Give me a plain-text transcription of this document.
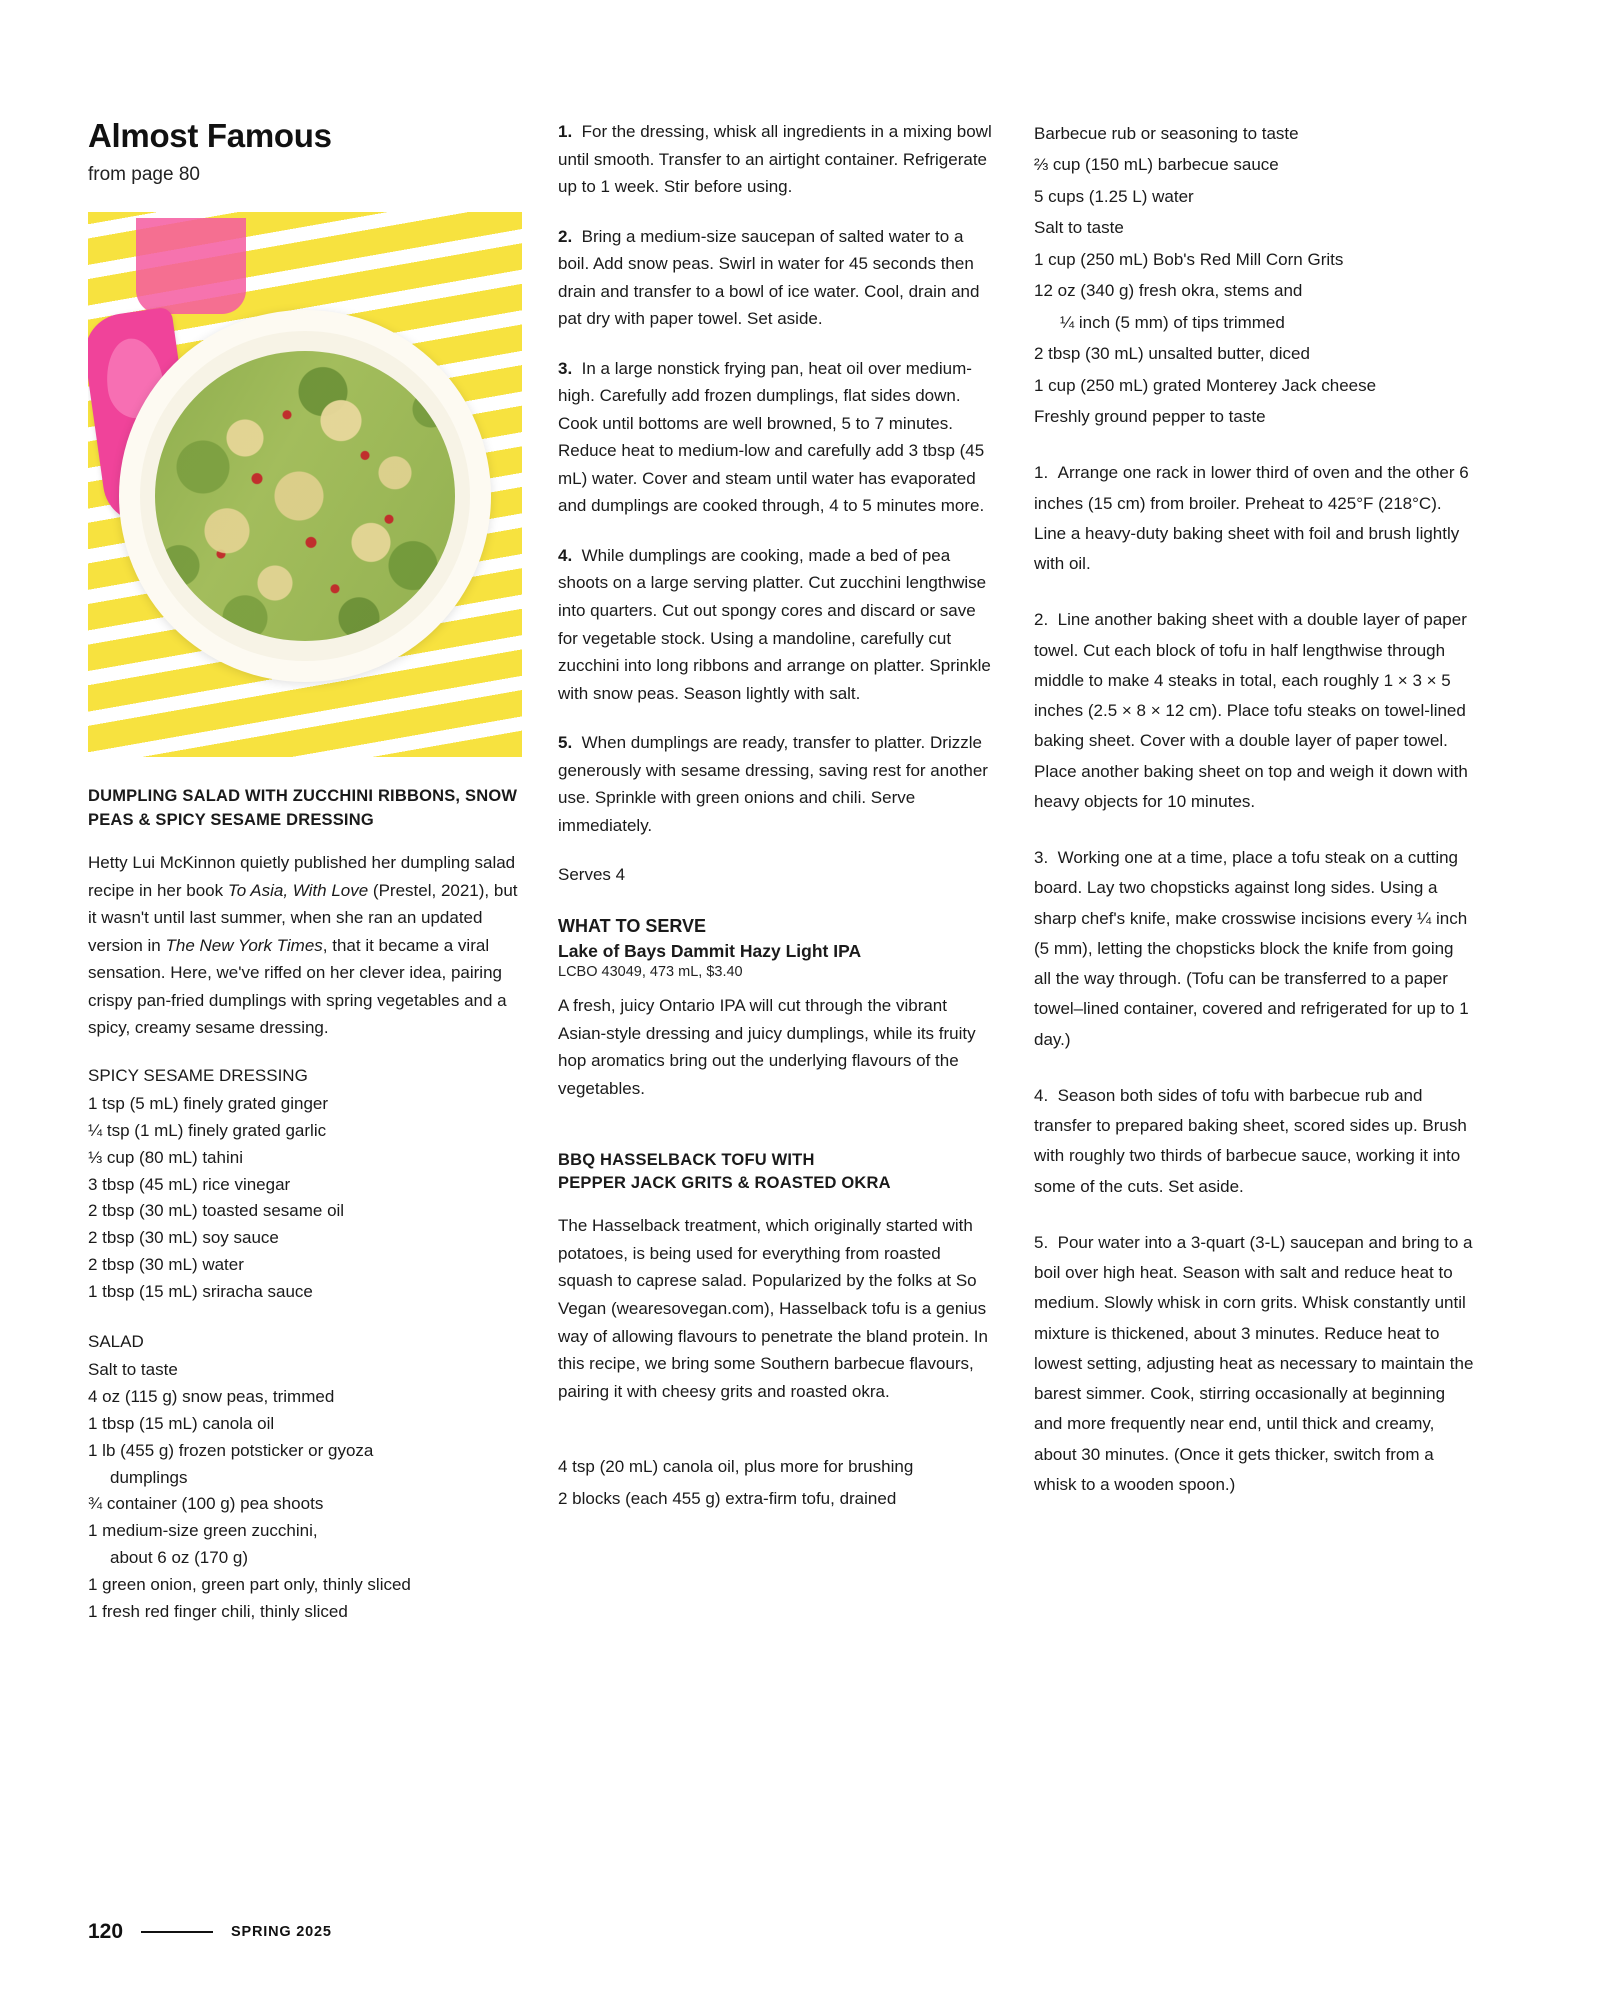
Almost Famous
from page 80
DUMPLING SALAD WITH ZUCCHINI RIBBONS, SNOW PEAS & SPICY SESAME DRESSING

Hetty Lui McKinnon quietly published her dumpling salad recipe in her book To Asia, With Love (Prestel, 2021), but it wasn't until last summer, when she ran an updated version in The New York Times, that it became a viral sensation. Here, we've riffed on her clever idea, pairing crispy pan-fried dumplings with spring vegetables and a spicy, creamy sesame dressing.

SPICY SESAME DRESSING

1 tsp (5 mL) finely grated ginger

¼ tsp (1 mL) finely grated garlic

⅓ cup (80 mL) tahini

3 tbsp (45 mL) rice vinegar

2 tbsp (30 mL) toasted sesame oil

2 tbsp (30 mL) soy sauce

2 tbsp (30 mL) water

1 tbsp (15 mL) sriracha sauce

SALAD

Salt to taste

4 oz (115 g) snow peas, trimmed

1 tbsp (15 mL) canola oil

1 lb (455 g) frozen potsticker or gyoza

dumplings

¾ container (100 g) pea shoots

1 medium-size green zucchini,

about 6 oz (170 g)

1 green onion, green part only, thinly sliced

1 fresh red finger chili, thinly sliced

1. For the dressing, whisk all ingredients in a mixing bowl until smooth. Transfer to an airtight container. Refrigerate up to 1 week. Stir before using.

2. Bring a medium-size saucepan of salted water to a boil. Add snow peas. Swirl in water for 45 seconds then drain and transfer to a bowl of ice water. Cool, drain and pat dry with paper towel. Set aside.

3. In a large nonstick frying pan, heat oil over medium-high. Carefully add frozen dumplings, flat sides down. Cook until bottoms are well browned, 5 to 7 minutes. Reduce heat to medium-low and carefully add 3 tbsp (45 mL) water. Cover and steam until water has evaporated and dumplings are cooked through, 4 to 5 minutes more.

4. While dumplings are cooking, made a bed of pea shoots on a large serving platter. Cut zucchini lengthwise into quarters. Cut out spongy cores and discard or save for vegetable stock. Using a mandoline, carefully cut zucchini into long ribbons and arrange on platter. Sprinkle with snow peas. Season lightly with salt.

5. When dumplings are ready, transfer to platter. Drizzle generously with sesame dressing, saving rest for another use. Sprinkle with green onions and chili. Serve immediately.

Serves 4

WHAT TO SERVE
Lake of Bays Dammit Hazy Light IPA
LCBO 43049, 473 mL, $3.40

A fresh, juicy Ontario IPA will cut through the vibrant Asian-style dressing and juicy dumplings, while its fruity hop aromatics bring out the underlying flavours of the vegetables.

BBQ HASSELBACK TOFU WITH
PEPPER JACK GRITS & ROASTED OKRA

The Hasselback treatment, which originally started with potatoes, is being used for everything from roasted squash to caprese salad. Popularized by the folks at So Vegan (wearesovegan.com), Hasselback tofu is a genius way of allowing flavours to penetrate the bland protein. In this recipe, we bring some Southern barbecue flavours, pairing it with cheesy grits and roasted okra.

4 tsp (20 mL) canola oil, plus more for brushing

2 blocks (each 455 g) extra-firm tofu, drained

Barbecue rub or seasoning to taste

⅔ cup (150 mL) barbecue sauce

5 cups (1.25 L) water

Salt to taste

1 cup (250 mL) Bob's Red Mill Corn Grits

12 oz (340 g) fresh okra, stems and

¼ inch (5 mm) of tips trimmed

2 tbsp (30 mL) unsalted butter, diced

1 cup (250 mL) grated Monterey Jack cheese

Freshly ground pepper to taste

1. Arrange one rack in lower third of oven and the other 6 inches (15 cm) from broiler. Preheat to 425°F (218°C). Line a heavy-duty baking sheet with foil and brush lightly with oil.

2. Line another baking sheet with a double layer of paper towel. Cut each block of tofu in half lengthwise through middle to make 4 steaks in total, each roughly 1 × 3 × 5 inches (2.5 × 8 × 12 cm). Place tofu steaks on towel-lined baking sheet. Cover with a double layer of paper towel. Place another baking sheet on top and weigh it down with heavy objects for 10 minutes.

3. Working one at a time, place a tofu steak on a cutting board. Lay two chopsticks against long sides. Using a sharp chef's knife, make crosswise incisions every ¼ inch (5 mm), letting the chopsticks block the knife from going all the way through. (Tofu can be transferred to a paper towel–lined container, covered and refrigerated for up to 1 day.)

4. Season both sides of tofu with barbecue rub and transfer to prepared baking sheet, scored sides up. Brush with roughly two thirds of barbecue sauce, working it into some of the cuts. Set aside.

5. Pour water into a 3-quart (3-L) saucepan and bring to a boil over high heat. Season with salt and reduce heat to medium. Slowly whisk in corn grits. Whisk constantly until mixture is thickened, about 3 minutes. Reduce heat to lowest setting, adjusting heat as necessary to maintain the barest simmer. Cook, stirring occasionally at beginning and more frequently near end, until thick and creamy, about 30 minutes. (Once it gets thicker, switch from a whisk to a wooden spoon.)

120	SPRING 2025
